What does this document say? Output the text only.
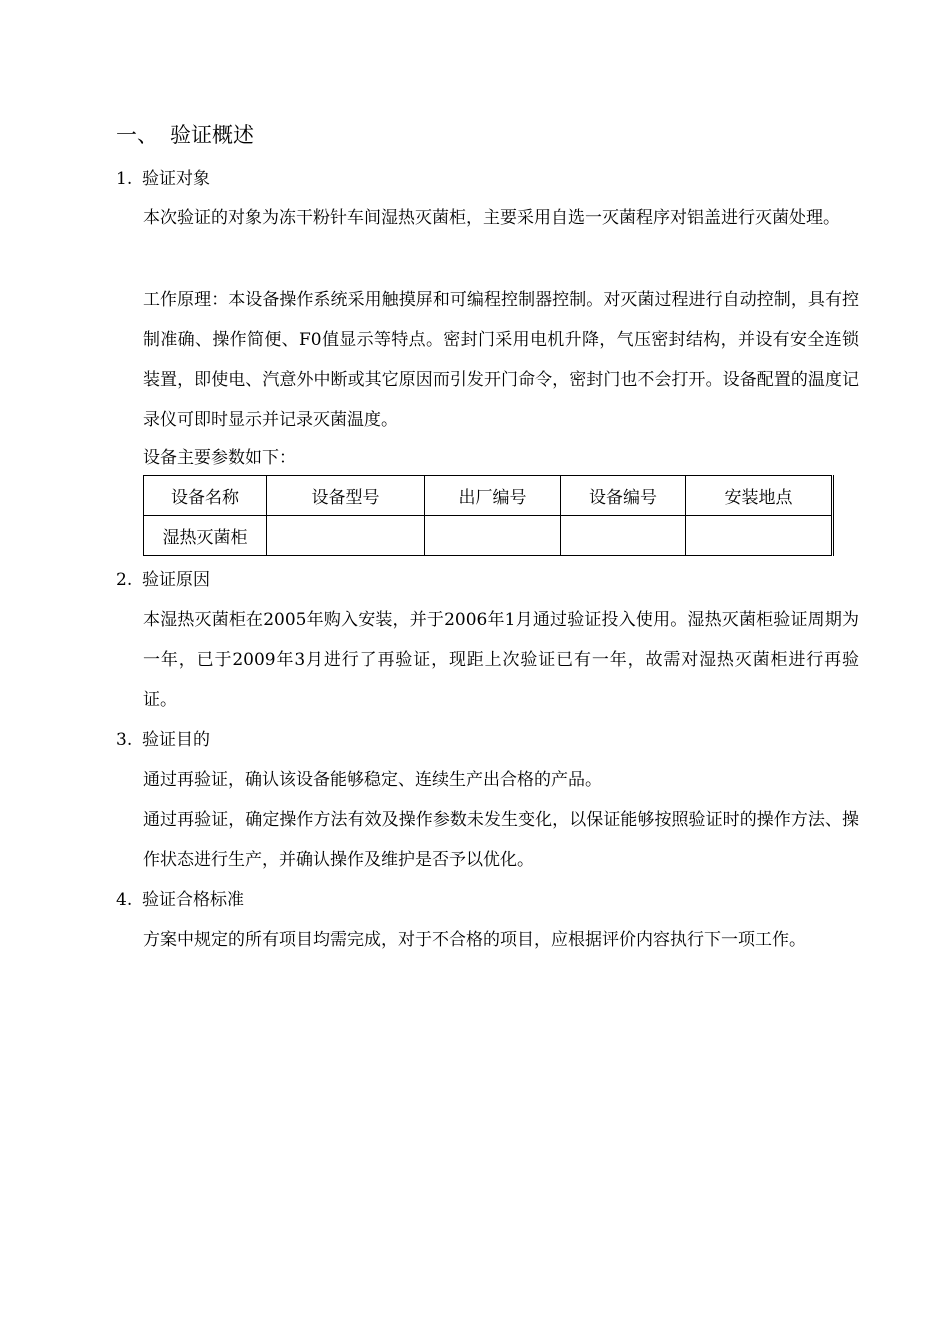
一、 验证概述
1. 验证对象
本次验证的对象为冻干粉针车间湿热灭菌柜，主要采用自选一灭菌程序对铝盖进行灭菌处理。
工作原理：本设备操作系统采用触摸屏和可编程控制器控制。对灭菌过程进行自动控制，具有控制准确、操作简便、F0值显示等特点。密封门采用电机升降，气压密封结构，并设有安全连锁装置，即使电、汽意外中断或其它原因而引发开门命令，密封门也不会打开。设备配置的温度记录仪可即时显示并记录灭菌温度。
设备主要参数如下：
设备名称	设备型号	出厂编号	设备编号	安装地点
湿热灭菌柜				
2. 验证原因
本湿热灭菌柜在2005年购入安装，并于2006年1月通过验证投入使用。湿热灭菌柜验证周期为一年，已于2009年3月进行了再验证，现距上次验证已有一年，故需对湿热灭菌柜进行再验证。
3. 验证目的
通过再验证，确认该设备能够稳定、连续生产出合格的产品。
通过再验证，确定操作方法有效及操作参数未发生变化，以保证能够按照验证时的操作方法、操作状态进行生产，并确认操作及维护是否予以优化。
4. 验证合格标准
方案中规定的所有项目均需完成，对于不合格的项目，应根据评价内容执行下一项工作。
